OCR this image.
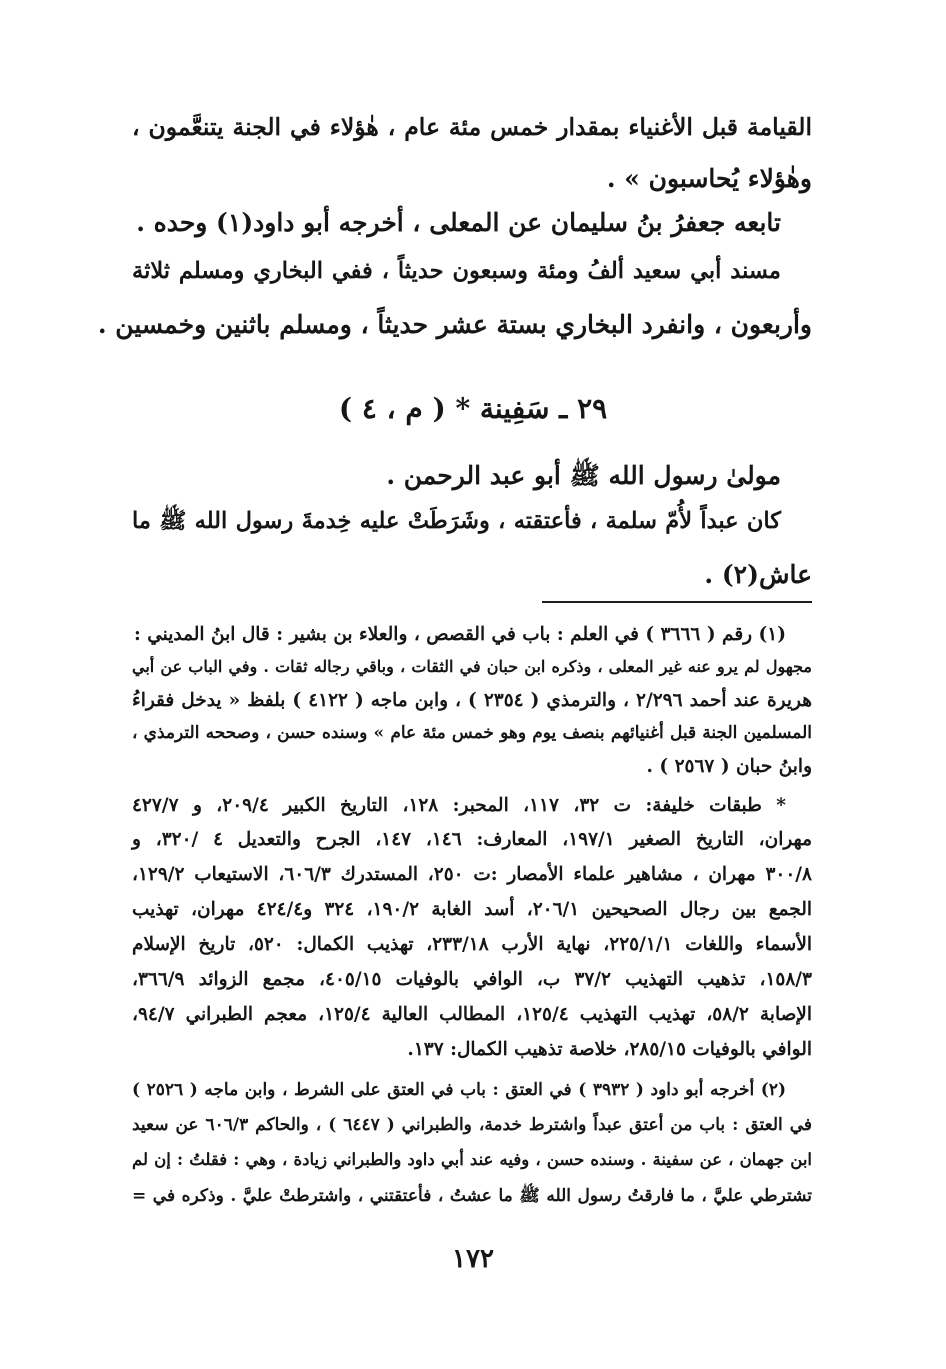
القيامة قبل الأغنياء بمقدار خمس مئة عام ، هٰؤلاء في الجنة يتنعَّمون ،
وهٰؤلاء يُحاسبون » .
تابعه جعفرُ بنُ سليمان عن المعلى ، أخرجه أبو داود(١) وحده .
مسند أبي سعيد ألفُ ومئة وسبعون حديثاً ، ففي البخاري ومسلم ثلاثة
وأربعون ، وانفرد البخاري بستة عشر حديثاً ، ومسلم باثنين وخمسين .
٢٩ ـ سَفِينة * ( م ، ٤ )
مولىٰ رسول الله ﷺ أبو عبد الرحمن .
كان عبداً لأُمّ سلمة ، فأعتقته ، وشَرَطَتْ عليه خِدمةَ رسول الله ﷺ ما
عاش(٢) .
(١) رقم ( ٣٦٦٦ ) في العلم : باب في القصص ، والعلاء بن بشير : قال ابنُ المديني :
مجهول لم يرو عنه غير المعلى ، وذكره ابن حبان في الثقات ، وباقي رجاله ثقات . وفي الباب عن أبي
هريرة عند أحمد ٢/٢٩٦ ، والترمذي ( ٢٣٥٤ ) ، وابن ماجه ( ٤١٢٢ ) بلفظ « يدخل فقراءُ
المسلمين الجنة قبل أغنيائهم بنصف يوم وهو خمس مئة عام » وسنده حسن ، وصححه الترمذي ،
وابنُ حبان ( ٢٥٦٧ ) .
* طبقات خليفة: ت ٣٢، ١١٧، المحبر: ١٢٨، التاريخ الكبير ٢٠٩/٤، و ٤٢٧/٧
مهران، التاريخ الصغير ١٩٧/١، المعارف: ١٤٦، ١٤٧، الجرح والتعديل ٤ /٣٢٠، و
٣٠٠/٨ مهران ، مشاهير علماء الأمصار :ت ٢٥٠، المستدرك ٦٠٦/٣، الاستيعاب ١٢٩/٢،
الجمع بين رجال الصحيحين ٢٠٦/١، أسد الغابة ١٩٠/٢، ٣٢٤ و٤٢٤/٤ مهران، تهذيب
الأسماء واللغات ٢٢٥/١/١، نهاية الأرب ٢٣٣/١٨، تهذيب الكمال: ٥٢٠، تاريخ الإسلام
١٥٨/٣، تذهيب التهذيب ٣٧/٢ ب، الوافي بالوفيات ٤٠٥/١٥، مجمع الزوائد ٣٦٦/٩،
الإصابة ٥٨/٢، تهذيب التهذيب ١٢٥/٤، المطالب العالية ١٢٥/٤، معجم الطبراني ٩٤/٧،
الوافي بالوفيات ٢٨٥/١٥، خلاصة تذهيب الكمال: ١٣٧.
(٢) أخرجه أبو داود ( ٣٩٣٢ ) في العتق : باب في العتق على الشرط ، وابن ماجه ( ٢٥٢٦ )
في العتق : باب من أعتق عبداً واشترط خدمة، والطبراني ( ٦٤٤٧ ) ، والحاكم ٦٠٦/٣ عن سعيد
ابن جهمان ، عن سفينة . وسنده حسن ، وفيه عند أبي داود والطبراني زيادة ، وهي : فقلتُ : إن لم
تشترطي عليَّ ، ما فارقتُ رسول الله ﷺ ما عشتُ ، فأعتقتني ، واشترطتْ عليَّ . وذكره في =
١٧٢
